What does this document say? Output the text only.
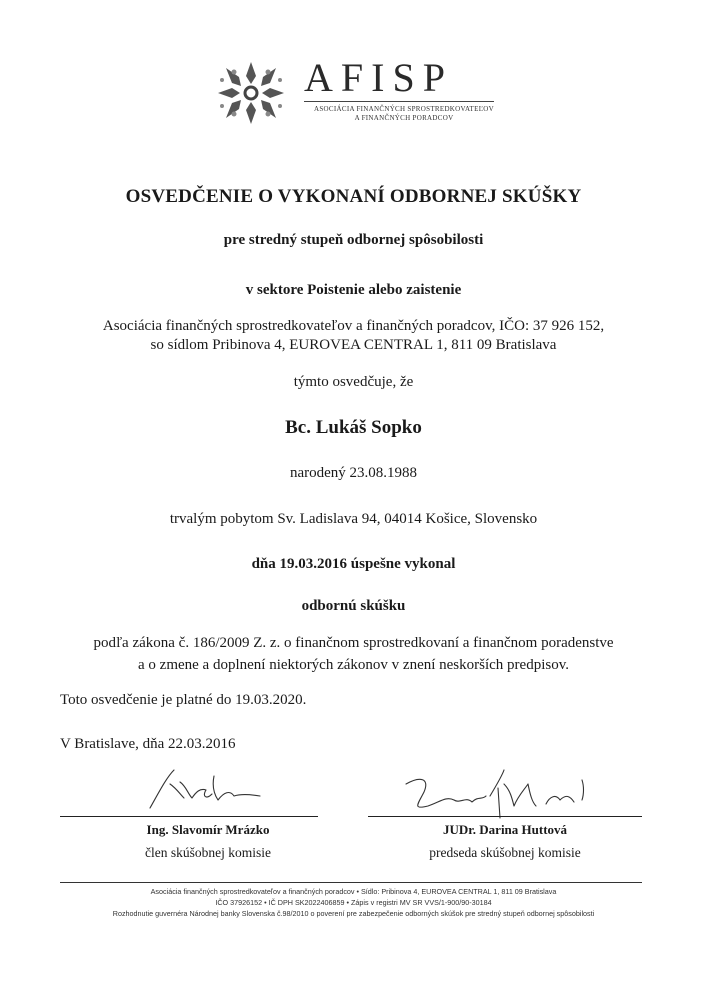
AFISP
ASOCIÁCIA FINANČNÝCH SPROSTREDKOVATEĽOV
A FINANČNÝCH PORADCOV
OSVEDČENIE O VYKONANÍ ODBORNEJ SKÚŠKY
pre stredný stupeň odbornej spôsobilosti
v sektore Poistenie alebo zaistenie
Asociácia finančných sprostredkovateľov a finančných poradcov, IČO: 37 926 152,
so sídlom Pribinova 4, EUROVEA CENTRAL 1, 811 09 Bratislava
týmto osvedčuje, že
Bc. Lukáš Sopko
narodený 23.08.1988
trvalým pobytom Sv. Ladislava 94, 04014 Košice, Slovensko
dňa 19.03.2016 úspešne vykonal
odbornú skúšku
podľa zákona č. 186/2009 Z. z. o finančnom sprostredkovaní a finančnom poradenstve
a o zmene a doplnení niektorých zákonov v znení neskorších predpisov.
Toto osvedčenie je platné do 19.03.2020.
V Bratislave, dňa 22.03.2016
Ing. Slavomír Mrázko
člen skúšobnej komisie
JUDr. Darina Huttová
predseda skúšobnej komisie
Asociácia finančných sprostredkovateľov a finančných poradcov • Sídlo: Pribinova 4, EUROVEA CENTRAL 1, 811 09 Bratislava
IČO 37926152 • IČ DPH SK2022406859 • Zápis v registri MV SR VVS/1-900/90-30184
Rozhodnutie guvernéra Národnej banky Slovenska č.98/2010 o poverení pre zabezpečenie odborných skúšok pre stredný stupeň odbornej spôsobilosti
